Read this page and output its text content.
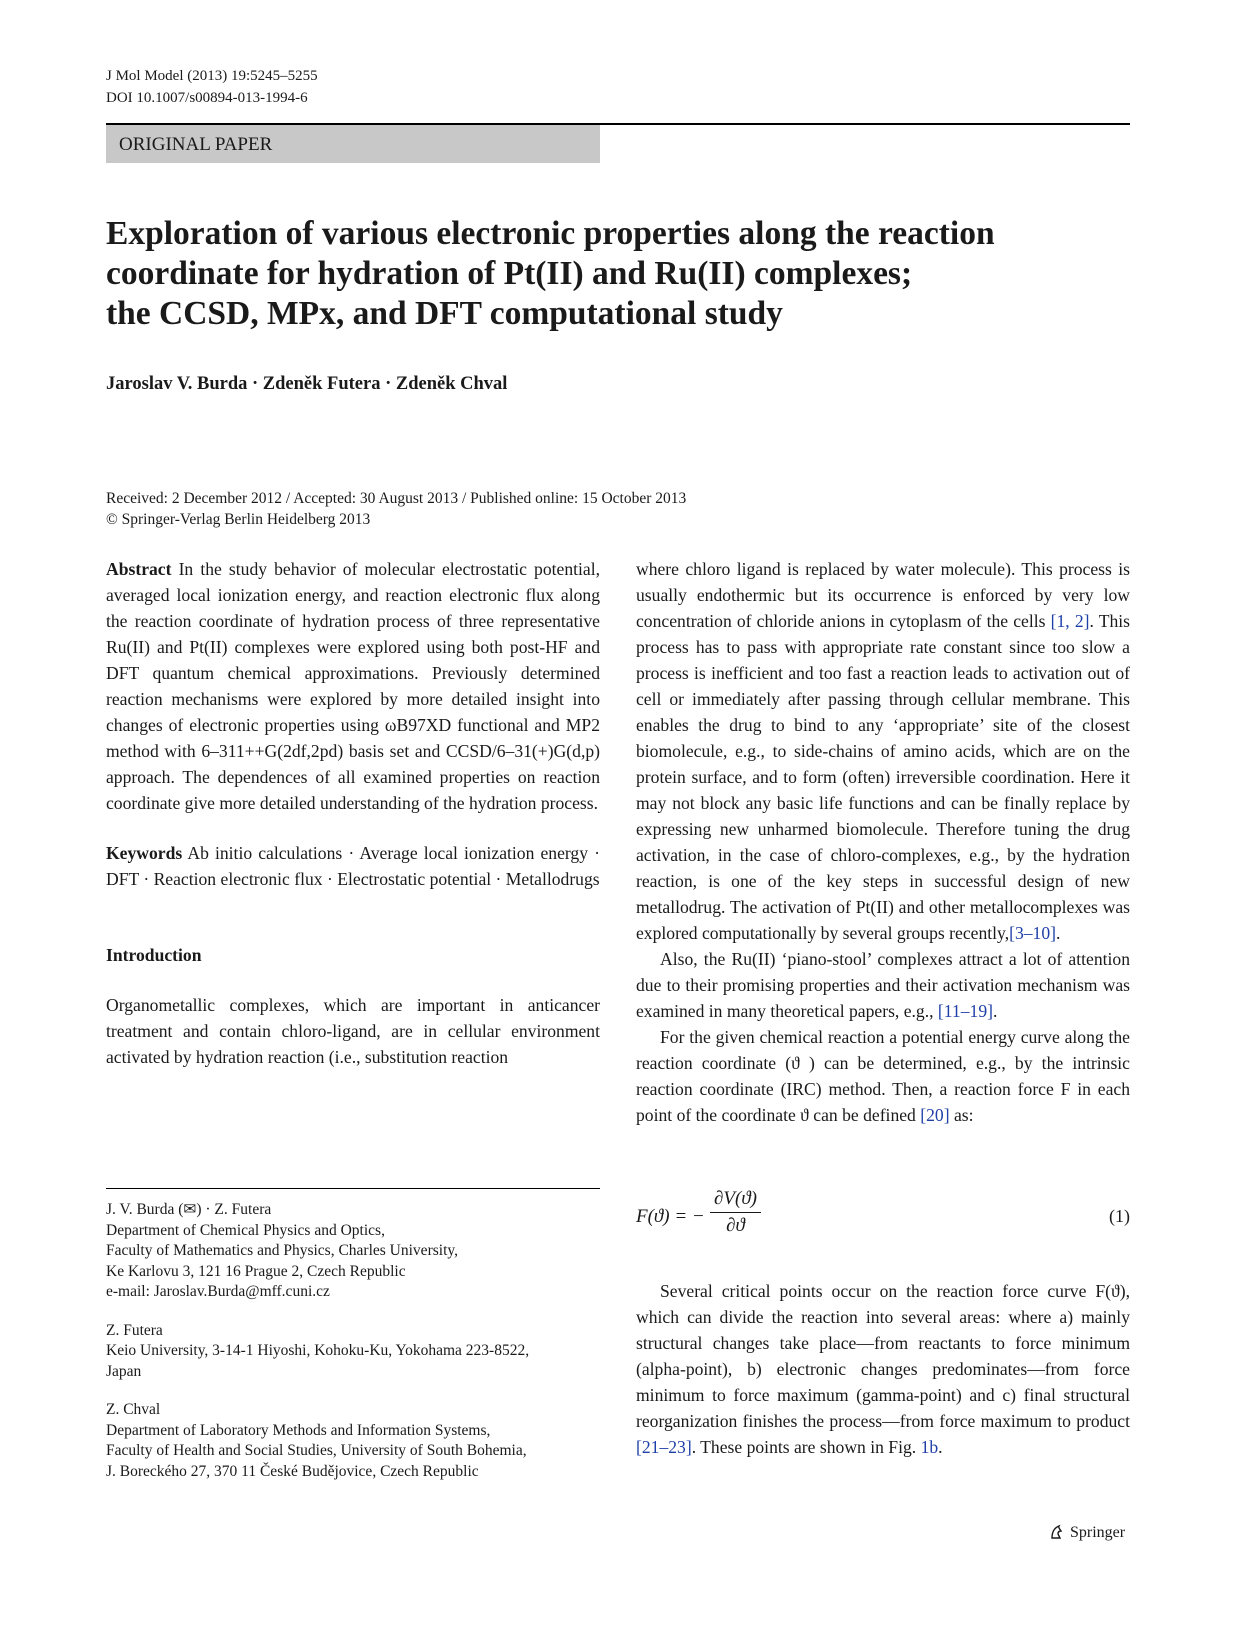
J Mol Model (2013) 19:5245–5255
DOI 10.1007/s00894-013-1994-6
ORIGINAL PAPER
Exploration of various electronic properties along the reaction
coordinate for hydration of Pt(II) and Ru(II) complexes;
the CCSD, MPx, and DFT computational study
Jaroslav V. Burda · Zdeněk Futera · Zdeněk Chval
Received: 2 December 2012 / Accepted: 30 August 2013 / Published online: 15 October 2013
© Springer-Verlag Berlin Heidelberg 2013

Abstract In the study behavior of molecular electrostatic potential, averaged local ionization energy, and reaction electronic flux along the reaction coordinate of hydration process of three representative Ru(II) and Pt(II) complexes were explored using both post-HF and DFT quantum chemical approximations. Previously determined reaction mechanisms were explored by more detailed insight into changes of electronic properties using ωB97XD functional and MP2 method with 6–311++G(2df,2pd) basis set and CCSD/6–31(+)G(d,p) approach. The dependences of all examined properties on reaction coordinate give more detailed understanding of the hydration process.

Keywords Ab initio calculations · Average local ionization energy · DFT · Reaction electronic flux · Electrostatic potential · Metallodrugs

Introduction

Organometallic complexes, which are important in anticancer treatment and contain chloro-ligand, are in cellular environment activated by hydration reaction (i.e., substitution reaction

J. V. Burda (✉) · Z. Futera

Department of Chemical Physics and Optics,

Faculty of Mathematics and Physics, Charles University,

Ke Karlovu 3, 121 16 Prague 2, Czech Republic

e-mail: Jaroslav.Burda@mff.cuni.cz

Z. Futera

Keio University, 3-14-1 Hiyoshi, Kohoku-Ku, Yokohama 223-8522,

Japan

Z. Chval

Department of Laboratory Methods and Information Systems,

Faculty of Health and Social Studies, University of South Bohemia,

J. Boreckého 27, 370 11 České Budějovice, Czech Republic

where chloro ligand is replaced by water molecule). This process is usually endothermic but its occurrence is enforced by very low concentration of chloride anions in cytoplasm of the cells [1, 2]. This process has to pass with appropriate rate constant since too slow a process is inefficient and too fast a reaction leads to activation out of cell or immediately after passing through cellular membrane. This enables the drug to bind to any ‘appropriate’ site of the closest biomolecule, e.g., to side-chains of amino acids, which are on the protein surface, and to form (often) irreversible coordination. Here it may not block any basic life functions and can be finally replace by expressing new unharmed biomolecule. Therefore tuning the drug activation, in the case of chloro-complexes, e.g., by the hydration reaction, is one of the key steps in successful design of new metallodrug. The activation of Pt(II) and other metallocomplexes was explored computationally by several groups recently,[3–10].

Also, the Ru(II) ‘piano-stool’ complexes attract a lot of attention due to their promising properties and their activation mechanism was examined in many theoretical papers, e.g., [11–19].

For the given chemical reaction a potential energy curve along the reaction coordinate (ϑ ) can be determined, e.g., by the intrinsic reaction coordinate (IRC) method. Then, a reaction force F in each point of the coordinate ϑ can be defined [20] as:

F(ϑ) = − $\frac{\partial V(ϑ)}{\partial ϑ}$	(1)

Several critical points occur on the reaction force curve F(ϑ), which can divide the reaction into several areas: where a) mainly structural changes take place—from reactants to force minimum (alpha-point), b) electronic changes predominates—from force minimum to force maximum (gamma-point) and c) final structural reorganization finishes the process—from force maximum to product [21–23]. These points are shown in Fig. 1b.

Springer
